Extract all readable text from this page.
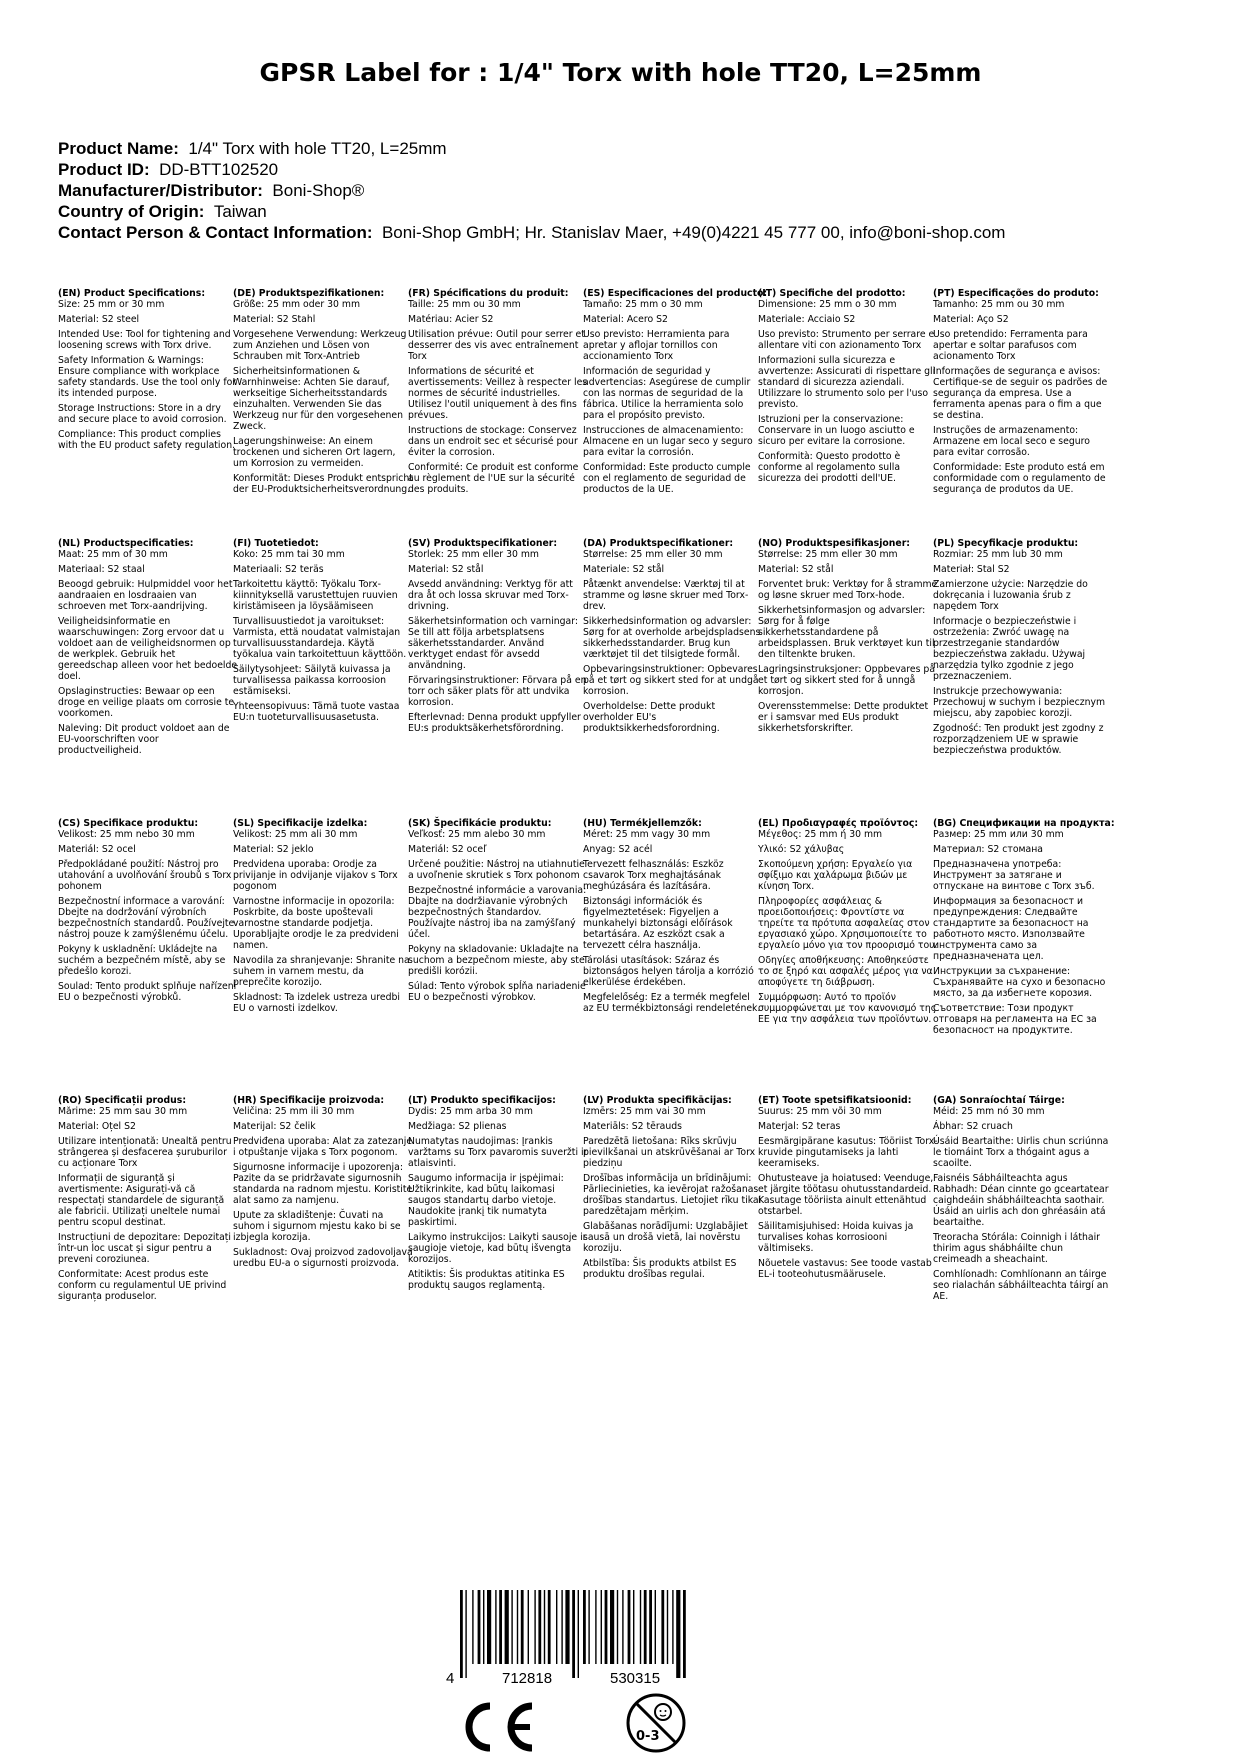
GPSR Label for : 1/4" Torx with hole TT20, L=25mm
Product Name: 1/4" Torx with hole TT20, L=25mm
Product ID: DD-BTT102520
Manufacturer/Distributor: Boni-Shop®
Country of Origin: Taiwan
Contact Person & Contact Information: Boni-Shop GmbH; Hr. Stanislav Maer, +49(0)4221 45 777 00, info@boni-shop.com
(EN) Product Specifications:
Size: 25 mm or 30 mm
Material: S2 steel
Intended Use: Tool for tightening and loosening screws with Torx drive.
Safety Information & Warnings: Ensure compliance with workplace safety standards. Use the tool only for its intended purpose.
Storage Instructions: Store in a dry and secure place to avoid corrosion.
Compliance: This product complies with the EU product safety regulation.
(DE) Produktspezifikationen:
Größe: 25 mm oder 30 mm
Material: S2 Stahl
Vorgesehene Verwendung: Werkzeug zum Anziehen und Lösen von Schrauben mit Torx-Antrieb
Sicherheitsinformationen & Warnhinweise: Achten Sie darauf, werkseitige Sicherheitsstandards einzuhalten. Verwenden Sie das Werkzeug nur für den vorgesehenen Zweck.
Lagerungshinweise: An einem trockenen und sicheren Ort lagern, um Korrosion zu vermeiden.
Konformität: Dieses Produkt entspricht der EU-Produktsicherheitsverordnung.
(FR) Spécifications du produit:
Taille: 25 mm ou 30 mm
Matériau: Acier S2
Utilisation prévue: Outil pour serrer et desserrer des vis avec entraînement Torx
Informations de sécurité et avertissements: Veillez à respecter les normes de sécurité industrielles. Utilisez l'outil uniquement à des fins prévues.
Instructions de stockage: Conservez dans un endroit sec et sécurisé pour éviter la corrosion.
Conformité: Ce produit est conforme au règlement de l'UE sur la sécurité des produits.
(ES) Especificaciones del producto:
Tamaño: 25 mm o 30 mm
Material: Acero S2
Uso previsto: Herramienta para apretar y aflojar tornillos con accionamiento Torx
Información de seguridad y advertencias: Asegúrese de cumplir con las normas de seguridad de la fábrica. Utilice la herramienta solo para el propósito previsto.
Instrucciones de almacenamiento: Almacene en un lugar seco y seguro para evitar la corrosión.
Conformidad: Este producto cumple con el reglamento de seguridad de productos de la UE.
(IT) Specifiche del prodotto:
Dimensione: 25 mm o 30 mm
Materiale: Acciaio S2
Uso previsto: Strumento per serrare e allentare viti con azionamento Torx
Informazioni sulla sicurezza e avvertenze: Assicurati di rispettare gli standard di sicurezza aziendali. Utilizzare lo strumento solo per l'uso previsto.
Istruzioni per la conservazione: Conservare in un luogo asciutto e sicuro per evitare la corrosione.
Conformità: Questo prodotto è conforme al regolamento sulla sicurezza dei prodotti dell'UE.
(PT) Especificações do produto:
Tamanho: 25 mm ou 30 mm
Material: Aço S2
Uso pretendido: Ferramenta para apertar e soltar parafusos com acionamento Torx
Informações de segurança e avisos: Certifique-se de seguir os padrões de segurança da empresa. Use a ferramenta apenas para o fim a que se destina.
Instruções de armazenamento: Armazene em local seco e seguro para evitar corrosão.
Conformidade: Este produto está em conformidade com o regulamento de segurança de produtos da UE.
(NL) Productspecificaties:
Maat: 25 mm of 30 mm
Materiaal: S2 staal
Beoogd gebruik: Hulpmiddel voor het aandraaien en losdraaien van schroeven met Torx-aandrijving.
Veiligheidsinformatie en waarschuwingen: Zorg ervoor dat u voldoet aan de veiligheidsnormen op de werkplek. Gebruik het gereedschap alleen voor het bedoelde doel.
Opslaginstructies: Bewaar op een droge en veilige plaats om corrosie te voorkomen.
Naleving: Dit product voldoet aan de EU-voorschriften voor productveiligheid.
(FI) Tuotetiedot:
Koko: 25 mm tai 30 mm
Materiaali: S2 teräs
Tarkoitettu käyttö: Työkalu Torx-kiinnityksellä varustettujen ruuvien kiristämiseen ja löysäämiseen
Turvallisuustiedot ja varoitukset: Varmista, että noudatat valmistajan turvallisuusstandardeja. Käytä työkalua vain tarkoitettuun käyttöön.
Säilytysohjeet: Säilytä kuivassa ja turvallisessa paikassa korroosion estämiseksi.
Yhteensopivuus: Tämä tuote vastaa EU:n tuoteturvallisuusasetusta.
(SV) Produktspecifikationer:
Storlek: 25 mm eller 30 mm
Material: S2 stål
Avsedd användning: Verktyg för att dra åt och lossa skruvar med Torx-drivning.
Säkerhetsinformation och varningar: Se till att följa arbetsplatsens säkerhetsstandarder. Använd verktyget endast för avsedd användning.
Förvaringsinstruktioner: Förvara på en torr och säker plats för att undvika korrosion.
Efterlevnad: Denna produkt uppfyller EU:s produktsäkerhetsförordning.
(DA) Produktspecifikationer:
Størrelse: 25 mm eller 30 mm
Materiale: S2 stål
Påtænkt anvendelse: Værktøj til at stramme og løsne skruer med Torx-drev.
Sikkerhedsinformation og advarsler: Sørg for at overholde arbejdspladsens sikkerhedsstandarder. Brug kun værktøjet til det tilsigtede formål.
Opbevaringsinstruktioner: Opbevares på et tørt og sikkert sted for at undgå korrosion.
Overholdelse: Dette produkt overholder EU's produktsikkerhedsforordning.
(NO) Produktspesifikasjoner:
Størrelse: 25 mm eller 30 mm
Material: S2 stål
Forventet bruk: Verktøy for å stramme og løsne skruer med Torx-hode.
Sikkerhetsinformasjon og advarsler: Sørg for å følge sikkerhetsstandardene på arbeidsplassen. Bruk verktøyet kun til den tiltenkte bruken.
Lagringsinstruksjoner: Oppbevares på et tørt og sikkert sted for å unngå korrosjon.
Overensstemmelse: Dette produktet er i samsvar med EUs produkt sikkerhetsforskrifter.
(PL) Specyfikacje produktu:
Rozmiar: 25 mm lub 30 mm
Materiał: Stal S2
Zamierzone użycie: Narzędzie do dokręcania i luzowania śrub z napędem Torx
Informacje o bezpieczeństwie i ostrzeżenia: Zwróć uwagę na przestrzeganie standardów bezpieczeństwa zakładu. Używaj narzędzia tylko zgodnie z jego przeznaczeniem.
Instrukcje przechowywania: Przechowuj w suchym i bezpiecznym miejscu, aby zapobiec korozji.
Zgodność: Ten produkt jest zgodny z rozporządzeniem UE w sprawie bezpieczeństwa produktów.
(CS) Specifikace produktu:
Velikost: 25 mm nebo 30 mm
Materiál: S2 ocel
Předpokládané použití: Nástroj pro utahování a uvolňování šroubů s Torx pohonem
Bezpečnostní informace a varování: Dbejte na dodržování výrobních bezpečnostních standardů. Používejte nástroj pouze k zamýšlenému účelu.
Pokyny k uskladnění: Ukládejte na suchém a bezpečném místě, aby se předešlo korozi.
Soulad: Tento produkt splňuje nařízení EU o bezpečnosti výrobků.
(SL) Specifikacije izdelka:
Velikost: 25 mm ali 30 mm
Material: S2 jeklo
Predvidena uporaba: Orodje za privijanje in odvijanje vijakov s Torx pogonom
Varnostne informacije in opozorila: Poskrbite, da boste upoštevali varnostne standarde podjetja. Uporabljajte orodje le za predvideni namen.
Navodila za shranjevanje: Shranite na suhem in varnem mestu, da preprečite korozijo.
Skladnost: Ta izdelek ustreza uredbi EU o varnosti izdelkov.
(SK) Špecifikácie produktu:
Veľkosť: 25 mm alebo 30 mm
Materiál: S2 oceľ
Určené použitie: Nástroj na utiahnutie a uvoľnenie skrutiek s Torx pohonom
Bezpečnostné informácie a varovania: Dbajte na dodržiavanie výrobných bezpečnostných štandardov. Používajte nástroj iba na zamýšľaný účel.
Pokyny na skladovanie: Ukladajte na suchom a bezpečnom mieste, aby ste predišli korózii.
Súlad: Tento výrobok spĺňa nariadenie EU o bezpečnosti výrobkov.
(HU) Termékjellemzők:
Méret: 25 mm vagy 30 mm
Anyag: S2 acél
Tervezett felhasználás: Eszköz csavarok Torx meghajtásának meghúzására és lazítására.
Biztonsági információk és figyelmeztetések: Figyeljen a munkahelyi biztonsági előírások betartására. Az eszközt csak a tervezett célra használja.
Tárolási utasítások: Száraz és biztonságos helyen tárolja a korrózió elkerülése érdekében.
Megfelelőség: Ez a termék megfelel az EU termékbiztonsági rendeletének.
(EL) Προδιαγραφές προϊόντος:
Μέγεθος: 25 mm ή 30 mm
Υλικό: S2 χάλυβας
Σκοπούμενη χρήση: Εργαλείο για σφίξιμο και χαλάρωμα βιδών με κίνηση Torx.
Πληροφορίες ασφάλειας & προειδοποιήσεις: Φροντίστε να τηρείτε τα πρότυπα ασφαλείας στον εργασιακό χώρο. Χρησιμοποιείτε το εργαλείο μόνο για τον προορισμό του.
Οδηγίες αποθήκευσης: Αποθηκεύστε το σε ξηρό και ασφαλές μέρος για να αποφύγετε τη διάβρωση.
Συμμόρφωση: Αυτό το προϊόν συμμορφώνεται με τον κανονισμό της ΕΕ για την ασφάλεια των προϊόντων.
(BG) Спецификации на продукта:
Размер: 25 mm или 30 mm
Материал: S2 стомана
Предназначена употреба: Инструмент за затягане и отпускане на винтове с Torx зъб.
Информация за безопасност и предупреждения: Следвайте стандартите за безопасност на работното място. Използвайте инструмента само за предназначената цел.
Инструкции за съхранение: Съхранявайте на сухо и безопасно място, за да избегнете корозия.
Съответствие: Този продукт отговаря на регламента на ЕС за безопасност на продуктите.
(RO) Specificații produs:
Mărime: 25 mm sau 30 mm
Material: Oțel S2
Utilizare intenționată: Unealtă pentru strângerea și desfacerea șuruburilor cu acționare Torx
Informații de siguranță și avertismente: Asigurați-vă că respectați standardele de siguranță ale fabricii. Utilizați uneltele numai pentru scopul destinat.
Instrucțiuni de depozitare: Depozitați într-un loc uscat și sigur pentru a preveni coroziunea.
Conformitate: Acest produs este conform cu regulamentul UE privind siguranța produselor.
(HR) Specifikacije proizvoda:
Veličina: 25 mm ili 30 mm
Materijal: S2 čelik
Predviđena uporaba: Alat za zatezanje i otpuštanje vijaka s Torx pogonom.
Sigurnosne informacije i upozorenja: Pazite da se pridržavate sigurnosnih standarda na radnom mjestu. Koristite alat samo za namjenu.
Upute za skladištenje: Čuvati na suhom i sigurnom mjestu kako bi se izbjegla korozija.
Sukladnost: Ovaj proizvod zadovoljava uredbu EU-a o sigurnosti proizvoda.
(LT) Produkto specifikacijos:
Dydis: 25 mm arba 30 mm
Medžiaga: S2 plienas
Numatytas naudojimas: Įrankis varžtams su Torx pavaromis suveržti ir atlaisvinti.
Saugumo informacija ir įspėjimai: Užtikrinkite, kad būtų laikomasi saugos standartų darbo vietoje. Naudokite įrankį tik numatyta paskirtimi.
Laikymo instrukcijos: Laikyti sausoje ir saugioje vietoje, kad būtų išvengta korozijos.
Atitiktis: Šis produktas atitinka ES produktų saugos reglamentą.
(LV) Produkta specifikācijas:
Izmērs: 25 mm vai 30 mm
Materiāls: S2 tērauds
Paredzētā lietošana: Rīks skrūvju pievilkšanai un atskrūvēšanai ar Torx piedziņu
Drošības informācija un brīdinājumi: Pārliecinieties, ka ievērojat ražošanas drošības standartus. Lietojiet rīku tikai paredzētajam mērķim.
Glabāšanas norādījumi: Uzglabājiet sausā un drošā vietā, lai novērstu koroziju.
Atbilstība: Šis produkts atbilst ES produktu drošības regulai.
(ET) Toote spetsifikatsioonid:
Suurus: 25 mm või 30 mm
Materjal: S2 teras
Eesmärgipärane kasutus: Tööriist Torx-kruvide pingutamiseks ja lahti keeramiseks.
Ohutusteave ja hoiatused: Veenduge, et järgite töötasu ohutusstandardeid. Kasutage tööriista ainult ettenähtud otstarbel.
Säilitamisjuhised: Hoida kuivas ja turvalises kohas korrosiooni vältimiseks.
Nõuetele vastavus: See toode vastab EL-i tooteohutusmäärusele.
(GA) Sonraíochtaí Táirge:
Méid: 25 mm nó 30 mm
Ábhar: S2 cruach
Úsáid Beartaithe: Uirlis chun scriúnna le tiomáint Torx a thógaint agus a scaoilte.
Faisnéis Sábháilteachta agus Rabhadh: Déan cinnte go gceartatear caighdeáin shábháilteachta saothair. Úsáid an uirlis ach don ghréasáin atá beartaithe.
Treoracha Stórála: Coinnigh i láthair thirim agus shábháilte chun creimeadh a sheachaint.
Comhlíonadh: Comhlíonann an táirge seo rialachán sábháilteachta táirgí an AE.
4	712818	530315
0-3
